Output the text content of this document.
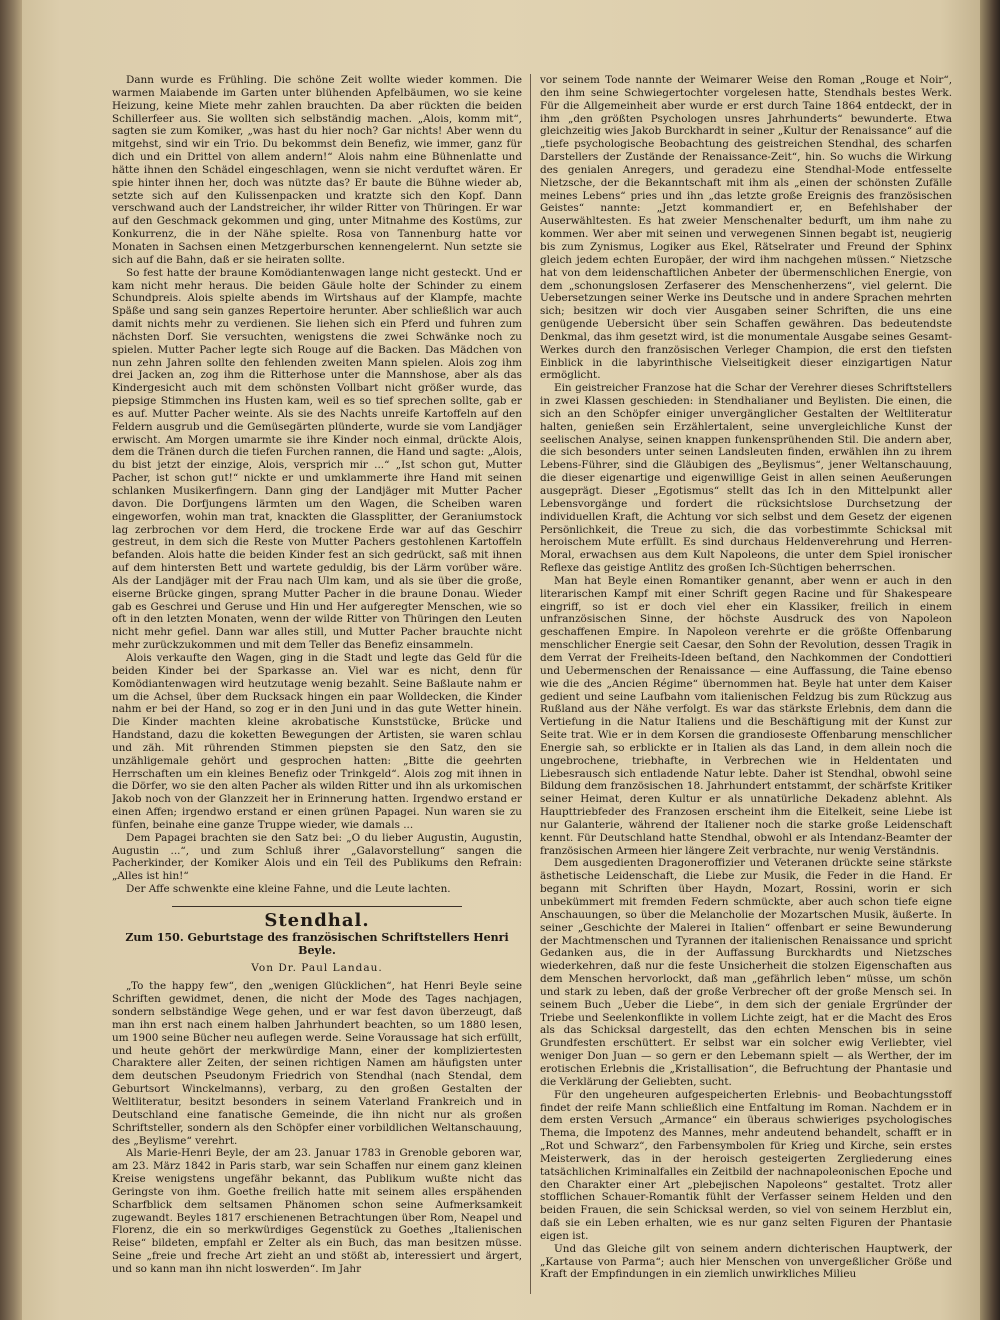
Dann wurde es Frühling. Die schöne Zeit wollte wieder kommen. Die warmen Maiabende im Garten unter blühenden Apfelbäumen, wo sie keine Heizung, keine Miete mehr zahlen brauchten. Da aber rückten die beiden Schillerfeer aus. Sie wollten sich selbständig machen. „Alois, komm mit“, sagten sie zum Komiker, „was hast du hier noch? Gar nichts! Aber wenn du mitgehst, sind wir ein Trio. Du bekommst dein Benefiz, wie immer, ganz für dich und ein Drittel von allem andern!“ Alois nahm eine Bühnenlatte und hätte ihnen den Schädel eingeschlagen, wenn sie nicht verduftet wären. Er spie hinter ihnen her, doch was nützte das? Er baute die Bühne wieder ab, setzte sich auf den Kulissenpacken und kratzte sich den Kopf. Dann verschwand auch der Landstreicher, ihr wilder Ritter von Thüringen. Er war auf den Geschmack gekommen und ging, unter Mitnahme des Kostüms, zur Konkurrenz, die in der Nähe spielte. Rosa von Tannenburg hatte vor Monaten in Sachsen einen Metzgerburschen kennengelernt. Nun setzte sie sich auf die Bahn, daß er sie heiraten sollte.

So fest hatte der braune Komödiantenwagen lange nicht gesteckt. Und er kam nicht mehr heraus. Die beiden Gäule holte der Schinder zu einem Schundpreis. Alois spielte abends im Wirtshaus auf der Klampfe, machte Späße und sang sein ganzes Repertoire herunter. Aber schließlich war auch damit nichts mehr zu verdienen. Sie liehen sich ein Pferd und fuhren zum nächsten Dorf. Sie versuchten, wenigstens die zwei Schwänke noch zu spielen. Mutter Pacher legte sich Rouge auf die Backen. Das Mädchen von nun zehn Jahren sollte den fehlenden zweiten Mann spielen. Alois zog ihm drei Jacken an, zog ihm die Ritterhose unter die Mannshose, aber als das Kindergesicht auch mit dem schönsten Vollbart nicht größer wurde, das piepsige Stimmchen ins Husten kam, weil es so tief sprechen sollte, gab er es auf. Mutter Pacher weinte. Als sie des Nachts unreife Kartoffeln auf den Feldern ausgrub und die Gemüsegärten plünderte, wurde sie vom Landjäger erwischt. Am Morgen umarmte sie ihre Kinder noch einmal, drückte Alois, dem die Tränen durch die tiefen Furchen rannen, die Hand und sagte: „Alois, du bist jetzt der einzige, Alois, versprich mir ...“ „Ist schon gut, Mutter Pacher, ist schon gut!“ nickte er und umklammerte ihre Hand mit seinen schlanken Musikerfingern. Dann ging der Landjäger mit Mutter Pacher davon. Die Dorfjungens lärmten um den Wagen, die Scheiben waren eingeworfen, wohin man trat, knackten die Glassplitter, der Geraniumstock lag zerbrochen vor dem Herd, die trockene Erde war auf das Geschirr gestreut, in dem sich die Reste von Mutter Pachers gestohlenen Kartoffeln befanden. Alois hatte die beiden Kinder fest an sich gedrückt, saß mit ihnen auf dem hintersten Bett und wartete geduldig, bis der Lärm vorüber wäre. Als der Landjäger mit der Frau nach Ulm kam, und als sie über die große, eiserne Brücke gingen, sprang Mutter Pacher in die braune Donau. Wieder gab es Geschrei und Geruse und Hin und Her aufgeregter Menschen, wie so oft in den letzten Monaten, wenn der wilde Ritter von Thüringen den Leuten nicht mehr gefiel. Dann war alles still, und Mutter Pacher brauchte nicht mehr zurückzukommen und mit dem Teller das Benefiz einsammeln.

Alois verkaufte den Wagen, ging in die Stadt und legte das Geld für die beiden Kinder bei der Sparkasse an. Viel war es nicht, denn für Komödiantenwagen wird heutzutage wenig bezahlt. Seine Baßlaute nahm er um die Achsel, über dem Rucksack hingen ein paar Wolldecken, die Kinder nahm er bei der Hand, so zog er in den Juni und in das gute Wetter hinein. Die Kinder machten kleine akrobatische Kunststücke, Brücke und Handstand, dazu die koketten Bewegungen der Artisten, sie waren schlau und zäh. Mit rührenden Stimmen piepsten sie den Satz, den sie unzähligemale gehört und gesprochen hatten: „Bitte die geehrten Herrschaften um ein kleines Benefiz oder Trinkgeld“. Alois zog mit ihnen in die Dörfer, wo sie den alten Pacher als wilden Ritter und ihn als urkomischen Jakob noch von der Glanzzeit her in Erinnerung hatten. Irgendwo erstand er einen Affen; irgendwo erstand er einen grünen Papagei. Nun waren sie zu fünfen, beinahe eine ganze Truppe wieder, wie damals ...

Dem Papagei brachten sie den Satz bei: „O du lieber Augustin, Augustin, Augustin ...“, und zum Schluß ihrer „Galavorstellung“ sangen die Pacherkinder, der Komiker Alois und ein Teil des Publikums den Refrain: „Alles ist hin!“

Der Affe schwenkte eine kleine Fahne, und die Leute lachten.

Stendhal.
Zum 150. Geburtstage des französischen Schriftstellers Henri Beyle.
Von Dr. Paul Landau.

„To the happy few“, den „wenigen Glücklichen“, hat Henri Beyle seine Schriften gewidmet, denen, die nicht der Mode des Tages nachjagen, sondern selbständige Wege gehen, und er war fest davon überzeugt, daß man ihn erst nach einem halben Jahrhundert beachten, so um 1880 lesen, um 1900 seine Bücher neu auflegen werde. Seine Voraussage hat sich erfüllt, und heute gehört der merkwürdige Mann, einer der kompliziertesten Charaktere aller Zeiten, der seinen richtigen Namen am häufigsten unter dem deutschen Pseudonym Friedrich von Stendhal (nach Stendal, dem Geburtsort Winckelmanns), verbarg, zu den großen Gestalten der Weltliteratur, besitzt besonders in seinem Vaterland Frankreich und in Deutschland eine fanatische Gemeinde, die ihn nicht nur als großen Schriftsteller, sondern als den Schöpfer einer vorbildlichen Weltanschauung, des „Beylisme“ verehrt.

Als Marie-Henri Beyle, der am 23. Januar 1783 in Grenoble geboren war, am 23. März 1842 in Paris starb, war sein Schaffen nur einem ganz kleinen Kreise wenigstens ungefähr bekannt, das Publikum wußte nicht das Geringste von ihm. Goethe freilich hatte mit seinem alles erspähenden Scharfblick dem seltsamen Phänomen schon seine Aufmerksamkeit zugewandt. Beyles 1817 erschienenen Betrachtungen über Rom, Neapel und Florenz, die ein so merkwürdiges Gegenstück zu Goethes „Italienischen Reise“ bildeten, empfahl er Zelter als ein Buch, das man besitzen müsse. Seine „freie und freche Art zieht an und stößt ab, interessiert und ärgert, und so kann man ihn nicht loswerden“. Im Jahr

vor seinem Tode nannte der Weimarer Weise den Roman „Rouge et Noir“, den ihm seine Schwiegertochter vorgelesen hatte, Stendhals bestes Werk. Für die Allgemeinheit aber wurde er erst durch Taine 1864 entdeckt, der in ihm „den größten Psychologen unsres Jahrhunderts“ bewunderte. Etwa gleichzeitig wies Jakob Burckhardt in seiner „Kultur der Renaissance“ auf die „tiefe psychologische Beobachtung des geistreichen Stendhal, des scharfen Darstellers der Zustände der Renaissance-Zeit“, hin. So wuchs die Wirkung des genialen Anregers, und geradezu eine Stendhal-Mode entfesselte Nietzsche, der die Bekanntschaft mit ihm als „einen der schönsten Zufälle meines Lebens“ pries und ihn „das letzte große Ereignis des französischen Geistes“ nannte: „Jetzt kommandiert er, en Befehlshaber der Auserwähltesten. Es hat zweier Menschenalter bedurft, um ihm nahe zu kommen. Wer aber mit seinen und verwegenen Sinnen begabt ist, neugierig bis zum Zynismus, Logiker aus Ekel, Rätselrater und Freund der Sphinx gleich jedem echten Europäer, der wird ihm nachgehen müssen.“ Nietzsche hat von dem leidenschaftlichen Anbeter der übermenschlichen Energie, von dem „schonungslosen Zerfaserer des Menschenherzens“, viel gelernt. Die Uebersetzungen seiner Werke ins Deutsche und in andere Sprachen mehrten sich; besitzen wir doch vier Ausgaben seiner Schriften, die uns eine genügende Uebersicht über sein Schaffen gewähren. Das bedeutendste Denkmal, das ihm gesetzt wird, ist die monumentale Ausgabe seines Gesamt-Werkes durch den französischen Verleger Champion, die erst den tiefsten Einblick in die labyrinthische Vielseitigkeit dieser einzigartigen Natur ermöglicht.

Ein geistreicher Franzose hat die Schar der Verehrer dieses Schriftstellers in zwei Klassen geschieden: in Stendhalianer und Beylisten. Die einen, die sich an den Schöpfer einiger unvergänglicher Gestalten der Weltliteratur halten, genießen sein Erzählertalent, seine unvergleichliche Kunst der seelischen Analyse, seinen knappen funkensprühenden Stil. Die andern aber, die sich besonders unter seinen Landsleuten finden, erwählen ihn zu ihrem Lebens-Führer, sind die Gläubigen des „Beylismus“, jener Weltanschauung, die dieser eigenartige und eigenwillige Geist in allen seinen Aeußerungen ausgeprägt. Dieser „Egotismus“ stellt das Ich in den Mittelpunkt aller Lebensvorgänge und fordert die rücksichtslose Durchsetzung der individuellen Kraft, die Achtung vor sich selbst und dem Gesetz der eigenen Persönlichkeit, die Treue zu sich, die das vorbestimmte Schicksal mit heroischem Mute erfüllt. Es sind durchaus Heldenverehrung und Herren-Moral, erwachsen aus dem Kult Napoleons, die unter dem Spiel ironischer Reflexe das geistige Antlitz des großen Ich-Süchtigen beherrschen.

Man hat Beyle einen Romantiker genannt, aber wenn er auch in den literarischen Kampf mit einer Schrift gegen Racine und für Shakespeare eingriff, so ist er doch viel eher ein Klassiker, freilich in einem unfranzösischen Sinne, der höchste Ausdruck des von Napoleon geschaffenen Empire. In Napoleon verehrte er die größte Offenbarung menschlicher Energie seit Caesar, den Sohn der Revolution, dessen Tragik in dem Verrat der Freiheits-Ideen beſtand, den Nachkommen der Condottieri und Uebermenschen der Renaissance — eine Auffassung, die Taine ebenso wie die des „Ancien Régime“ übernommen hat. Beyle hat unter dem Kaiser gedient und seine Laufbahn vom italienischen Feldzug bis zum Rückzug aus Rußland aus der Nähe verfolgt. Es war das stärkste Erlebnis, dem dann die Vertiefung in die Natur Italiens und die Beschäftigung mit der Kunst zur Seite trat. Wie er in dem Korsen die grandioseste Offenbarung menschlicher Energie sah, so erblickte er in Italien als das Land, in dem allein noch die ungebrochene, triebhafte, in Verbrechen wie in Heldentaten und Liebesrausch sich entladende Natur lebte. Daher ist Stendhal, obwohl seine Bildung dem französischen 18. Jahrhundert entstammt, der schärfste Kritiker seiner Heimat, deren Kultur er als unnatürliche Dekadenz ablehnt. Als Haupttriebfeder des Franzosen erscheint ihm die Eitelkeit, seine Liebe ist nur Galanterie, während der Italiener noch die starke große Leidenschaft kennt. Für Deutschland hatte Stendhal, obwohl er als Intendanz-Beamter der französischen Armeen hier längere Zeit verbrachte, nur wenig Verständnis.

Dem ausgedienten Dragoneroffizier und Veteranen drückte seine stärkste ästhetische Leidenschaft, die Liebe zur Musik, die Feder in die Hand. Er begann mit Schriften über Haydn, Mozart, Rossini, worin er sich unbekümmert mit fremden Federn schmückte, aber auch schon tiefe eigne Anschauungen, so über die Melancholie der Mozartschen Musik, äußerte. In seiner „Geschichte der Malerei in Italien“ offenbart er seine Bewunderung der Machtmenschen und Tyrannen der italienischen Renaissance und spricht Gedanken aus, die in der Auffassung Burckhardts und Nietzsches wiederkehren, daß nur die feste Unsicherheit die stolzen Eigenschaften aus dem Menschen hervorlockt, daß man „gefährlich leben“ müsse, um schön und stark zu leben, daß der große Verbrecher oft der große Mensch sei. In seinem Buch „Ueber die Liebe“, in dem sich der geniale Ergründer der Triebe und Seelenkonflikte in vollem Lichte zeigt, hat er die Macht des Eros als das Schicksal dargestellt, das den echten Menschen bis in seine Grundfesten erschüttert. Er selbst war ein solcher ewig Verliebter, viel weniger Don Juan — so gern er den Lebemann spielt — als Werther, der im erotischen Erlebnis die „Kristallisation“, die Befruchtung der Phantasie und die Verklärung der Geliebten, sucht.

Für den ungeheuren aufgespeicherten Erlebnis- und Beobachtungsstoff findet der reife Mann schließlich eine Entfaltung im Roman. Nachdem er in dem ersten Versuch „Armance“ ein überaus schwieriges psychologisches Thema, die Impotenz des Mannes, mehr andeutend behandelt, schafft er in „Rot und Schwarz“, den Farbensymbolen für Krieg und Kirche, sein erstes Meisterwerk, das in der heroisch gesteigerten Zergliederung eines tatsächlichen Kriminalfalles ein Zeitbild der nachnapoleonischen Epoche und den Charakter einer Art „plebejischen Napoleons“ gestaltet. Trotz aller stofflichen Schauer-Romantik fühlt der Verfasser seinem Helden und den beiden Frauen, die sein Schicksal werden, so viel von seinem Herzblut ein, daß sie ein Leben erhalten, wie es nur ganz selten Figuren der Phantasie eigen ist.

Und das Gleiche gilt von seinem andern dichterischen Hauptwerk, der „Kartause von Parma“; auch hier Menschen von unvergeßlicher Größe und Kraft der Empfindungen in ein ziemlich unwirkliches Milieu
